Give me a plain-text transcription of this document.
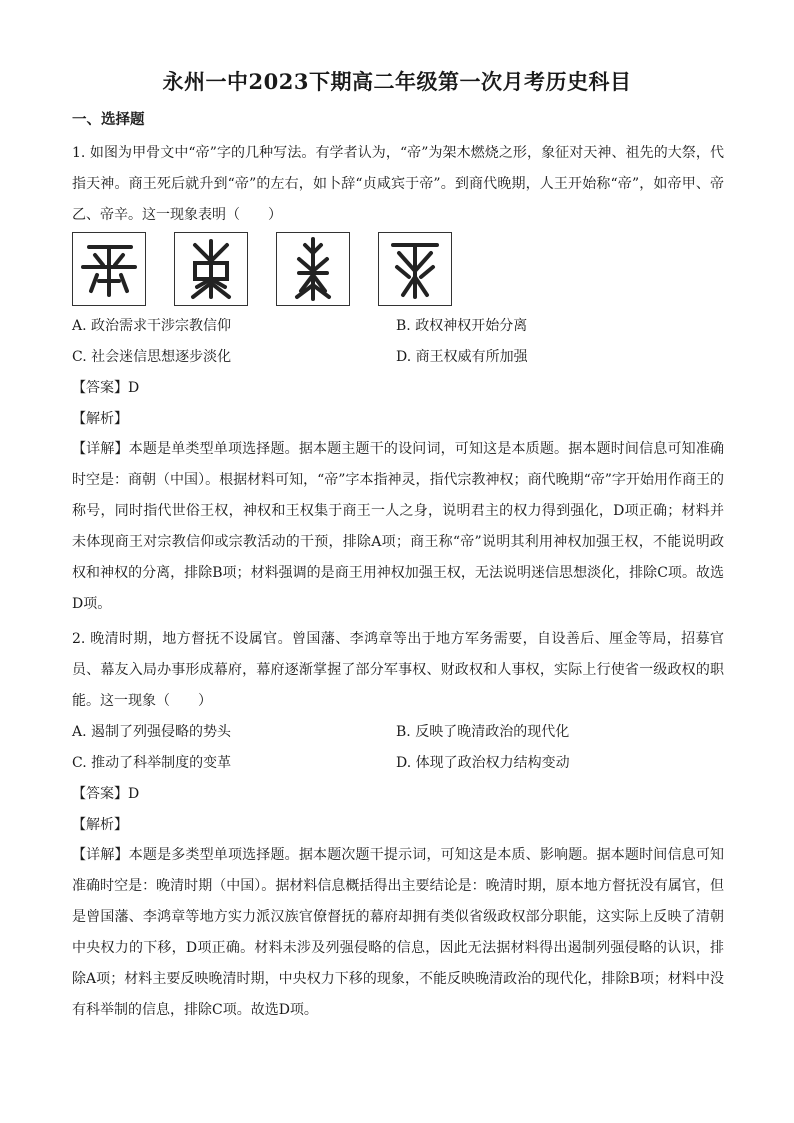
永州一中2023下期高二年级第一次月考历史科目
一、选择题
1. 如图为甲骨文中“帝”字的几种写法。有学者认为，“帝”为架木燃烧之形，象征对天神、祖先的大祭，代指天神。商王死后就升到“帝”的左右，如卜辞“贞咸宾于帝”。到商代晚期，人王开始称“帝”，如帝甲、帝乙、帝辛。这一现象表明（　　）
A. 政治需求干涉宗教信仰	B. 政权神权开始分离
C. 社会迷信思想逐步淡化	D. 商王权威有所加强
【答案】D
【解析】
【详解】本题是单类型单项选择题。据本题主题干的设问词，可知这是本质题。据本题时间信息可知准确时空是：商朝（中国）。根据材料可知，“帝”字本指神灵，指代宗教神权；商代晚期“帝”字开始用作商王的称号，同时指代世俗王权，神权和王权集于商王一人之身，说明君主的权力得到强化，D项正确；材料并未体现商王对宗教信仰或宗教活动的干预，排除A项；商王称“帝”说明其利用神权加强王权，不能说明政权和神权的分离，排除B项；材料强调的是商王用神权加强王权，无法说明迷信思想淡化，排除C项。故选D项。
2. 晚清时期，地方督抚不设属官。曾国藩、李鸿章等出于地方军务需要，自设善后、厘金等局，招募官员、幕友入局办事形成幕府，幕府逐渐掌握了部分军事权、财政权和人事权，实际上行使省一级政权的职能。这一现象（　　）
A. 遏制了列强侵略的势头	B. 反映了晚清政治的现代化
C. 推动了科举制度的变革	D. 体现了政治权力结构变动
【答案】D
【解析】
【详解】本题是多类型单项选择题。据本题次题干提示词，可知这是本质、影响题。据本题时间信息可知准确时空是：晚清时期（中国）。据材料信息概括得出主要结论是：晚清时期，原本地方督抚没有属官，但是曾国藩、李鸿章等地方实力派汉族官僚督抚的幕府却拥有类似省级政权部分职能，这实际上反映了清朝中央权力的下移，D项正确。材料未涉及列强侵略的信息，因此无法据材料得出遏制列强侵略的认识，排除A项；材料主要反映晚清时期，中央权力下移的现象，不能反映晚清政治的现代化，排除B项；材料中没有科举制的信息，排除C项。故选D项。
